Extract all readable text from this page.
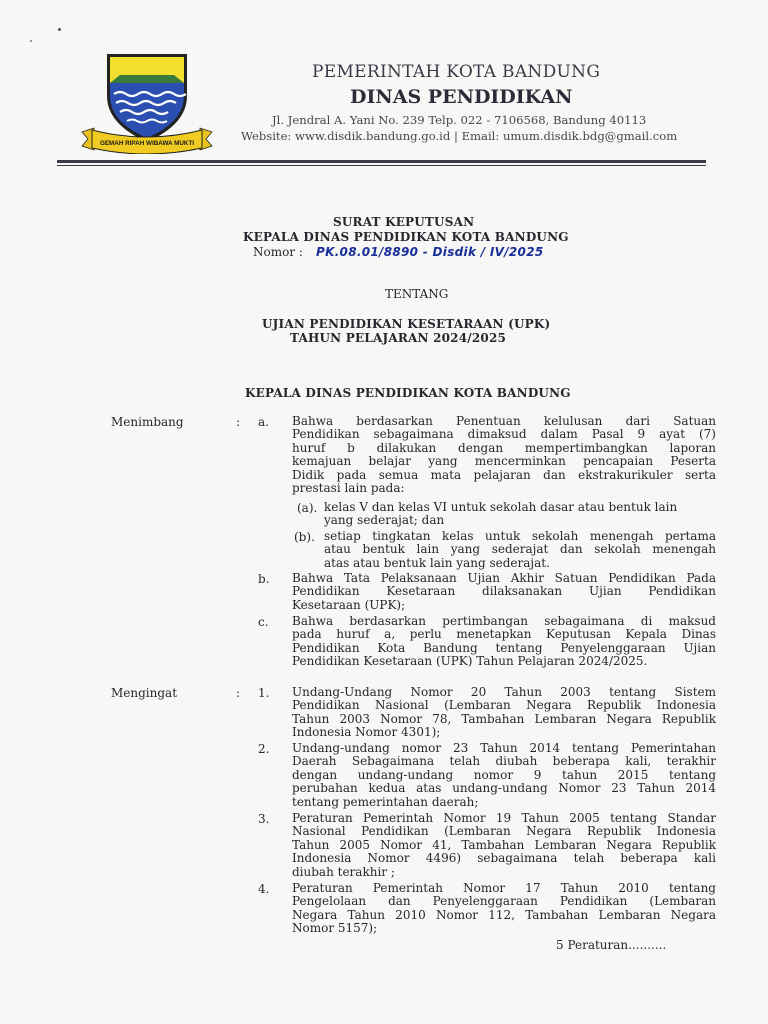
GEMAH RIPAH WIBAWA MUKTI
PEMERINTAH KOTA BANDUNG
DINAS PENDIDIKAN
Jl. Jendral A. Yani No. 239 Telp. 022 - 7106568, Bandung 40113
Website: www.disdik.bandung.go.id | Email: umum.disdik.bdg@gmail.com
SURAT KEPUTUSAN
KEPALA DINAS PENDIDIKAN KOTA BANDUNG
Nomor : PK.08.01/8890 - Disdik / IV/2025
TENTANG
UJIAN PENDIDIKAN KESETARAAN (UPK)
TAHUN PELAJARAN 2024/2025
KEPALA DINAS PENDIDIKAN KOTA BANDUNG
Menimbang	: a. Bahwa berdasarkan Penentuan kelulusan dari Satuan
Pendidikan sebagaimana dimaksud dalam Pasal 9 ayat (7)
huruf b dilakukan dengan mempertimbangkan laporan
kemajuan belajar yang mencerminkan pencapaian Peserta
Didik pada semua mata pelajaran dan ekstrakurikuler serta
prestasi lain pada:
(a). kelas V dan kelas VI untuk sekolah dasar atau bentuk lain
yang sederajat; dan
(b). setiap tingkatan kelas untuk sekolah menengah pertama
atau bentuk lain yang sederajat dan sekolah menengah
atas atau bentuk lain yang sederajat.
b. Bahwa Tata Pelaksanaan Ujian Akhir Satuan Pendidikan Pada
Pendidikan Kesetaraan dilaksanakan Ujian Pendidikan
Kesetaraan (UPK);
c. Bahwa berdasarkan pertimbangan sebagaimana di maksud
pada huruf a, perlu menetapkan Keputusan Kepala Dinas
Pendidikan Kota Bandung tentang Penyelenggaraan Ujian
Pendidikan Kesetaraan (UPK) Tahun Pelajaran 2024/2025.
Mengingat	: 1. Undang-Undang Nomor 20 Tahun 2003 tentang Sistem
Pendidikan Nasional (Lembaran Negara Republik Indonesia
Tahun 2003 Nomor 78, Tambahan Lembaran Negara Republik
Indonesia Nomor 4301);
2. Undang-undang nomor 23 Tahun 2014 tentang Pemerintahan
Daerah Sebagaimana telah diubah beberapa kali, terakhir
dengan undang-undang nomor 9 tahun 2015 tentang
perubahan kedua atas undang-undang Nomor 23 Tahun 2014
tentang pemerintahan daerah;
3. Peraturan Pemerintah Nomor 19 Tahun 2005 tentang Standar
Nasional Pendidikan (Lembaran Negara Republik Indonesia
Tahun 2005 Nomor 41, Tambahan Lembaran Negara Republik
Indonesia Nomor 4496) sebagaimana telah beberapa kali
diubah terakhir ;
4. Peraturan Pemerintah Nomor 17 Tahun 2010 tentang
Pengelolaan dan Penyelenggaraan Pendidikan (Lembaran
Negara Tahun 2010 Nomor 112, Tambahan Lembaran Negara
Nomor 5157);
5 Peraturan..........
